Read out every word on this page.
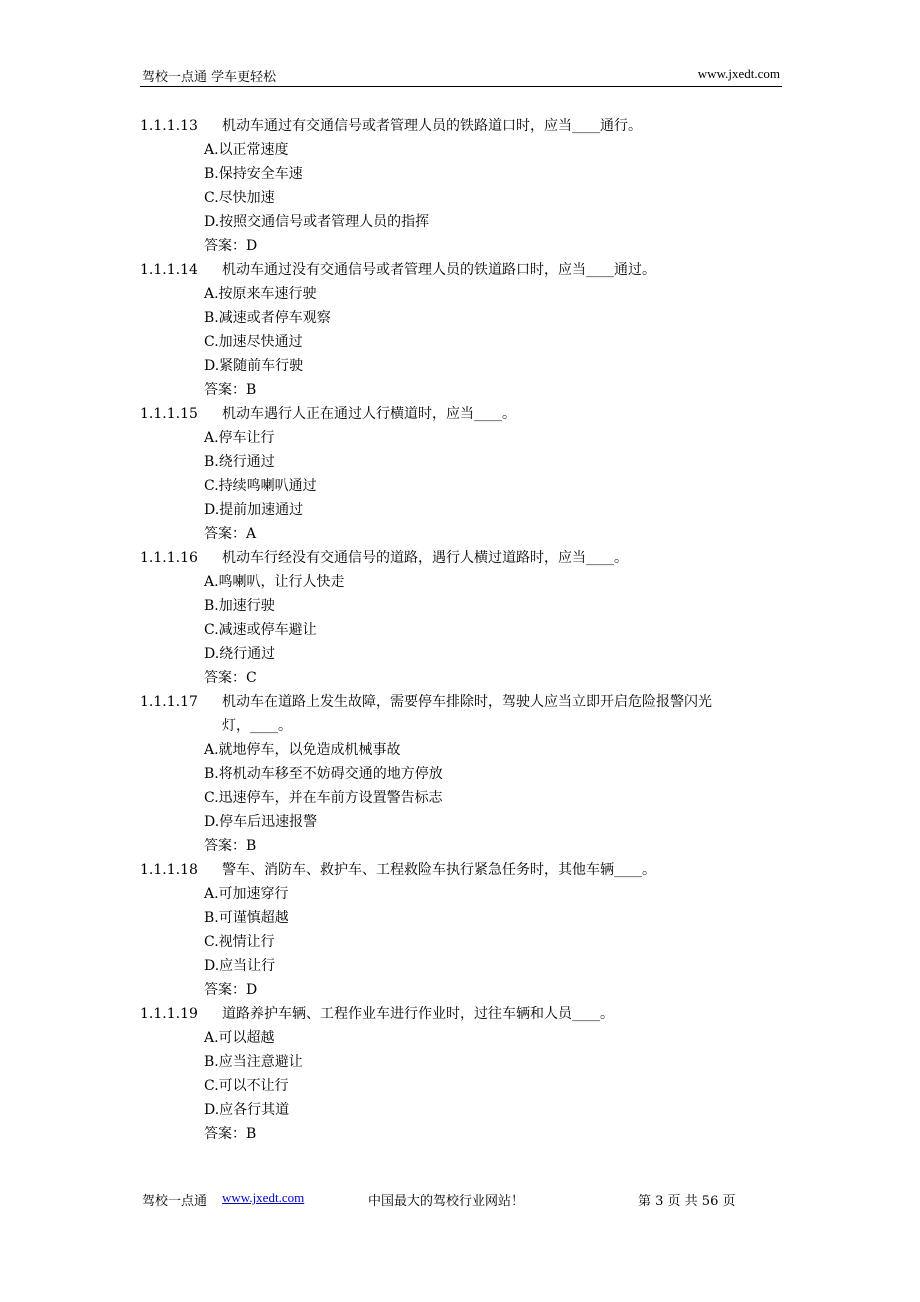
驾校一点通 学车更轻松	www.jxedt.com
1.1.1.13 机动车通过有交通信号或者管理人员的铁路道口时，应当____通行。
A.以正常速度
B.保持安全车速
C.尽快加速
D.按照交通信号或者管理人员的指挥
答案：D
1.1.1.14 机动车通过没有交通信号或者管理人员的铁道路口时，应当____通过。
A.按原来车速行驶
B.减速或者停车观察
C.加速尽快通过
D.紧随前车行驶
答案：B
1.1.1.15 机动车遇行人正在通过人行横道时，应当____。
A.停车让行
B.绕行通过
C.持续鸣喇叭通过
D.提前加速通过
答案：A
1.1.1.16 机动车行经没有交通信号的道路，遇行人横过道路时，应当____。
A.鸣喇叭，让行人快走
B.加速行驶
C.减速或停车避让
D.绕行通过
答案：C
1.1.1.17 机动车在道路上发生故障，需要停车排除时，驾驶人应当立即开启危险报警闪光
灯，____。
A.就地停车，以免造成机械事故
B.将机动车移至不妨碍交通的地方停放
C.迅速停车，并在车前方设置警告标志
D.停车后迅速报警
答案：B
1.1.1.18 警车、消防车、救护车、工程救险车执行紧急任务时，其他车辆____。
A.可加速穿行
B.可谨慎超越
C.视情让行
D.应当让行
答案：D
1.1.1.19 道路养护车辆、工程作业车进行作业时，过往车辆和人员____。
A.可以超越
B.应当注意避让
C.可以不让行
D.应各行其道
答案：B
驾校一点通 www.jxedt.com	中国最大的驾校行业网站！	第 3 页 共 56 页
